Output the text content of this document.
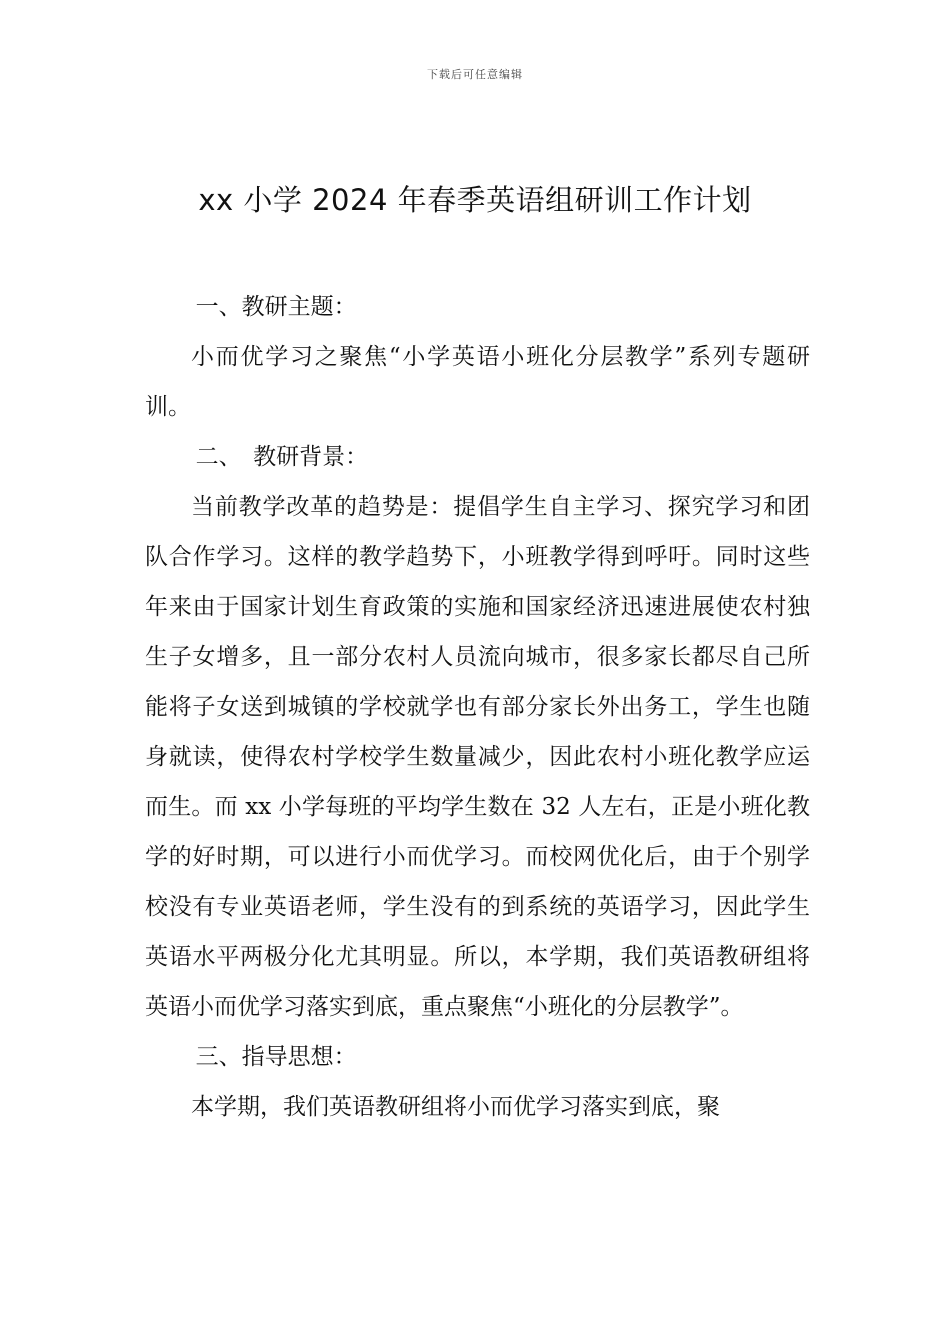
下载后可任意编辑
xx 小学 2024 年春季英语组研训工作计划

一、教研主题：

小而优学习之聚焦“小学英语小班化分层教学”系列专题研训。

二、　教研背景：

当前教学改革的趋势是：提倡学生自主学习、探究学习和团队合作学习。这样的教学趋势下，小班教学得到呼吁。同时这些年来由于国家计划生育政策的实施和国家经济迅速进展使农村独生子女增多，且一部分农村人员流向城市，很多家长都尽自己所能将子女送到城镇的学校就学也有部分家长外出务工，学生也随身就读，使得农村学校学生数量减少，因此农村小班化教学应运而生。而 xx 小学每班的平均学生数在 32 人左右，正是小班化教学的好时期，可以进行小而优学习。而校网优化后，由于个别学校没有专业英语老师，学生没有的到系统的英语学习，因此学生英语水平两极分化尤其明显。所以，本学期，我们英语教研组将英语小而优学习落实到底，重点聚焦“小班化的分层教学”。

三、指导思想：

本学期，我们英语教研组将小而优学习落实到底，聚
